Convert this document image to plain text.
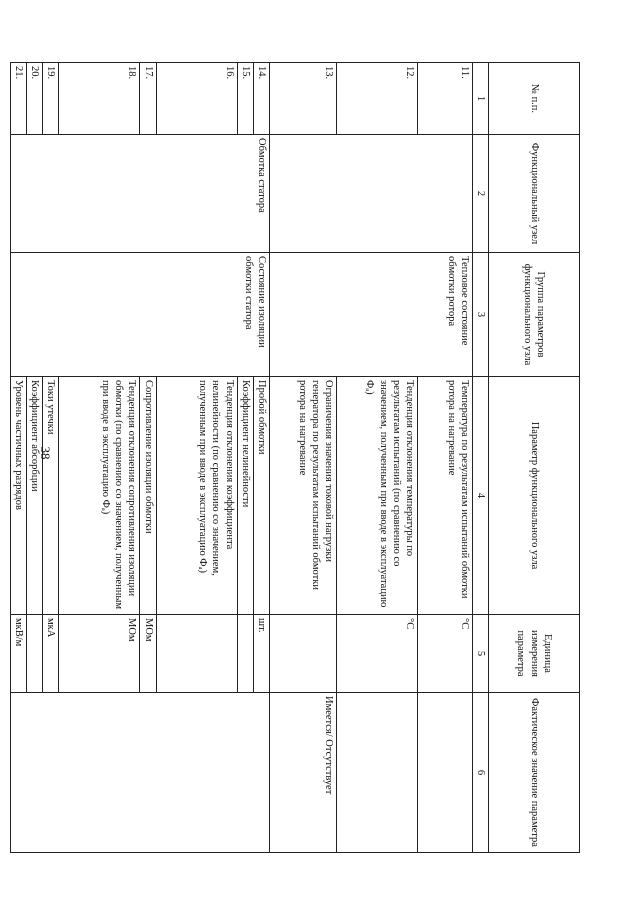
38
№ п.п.	Функциональный узел	Группа параметров функционального узла	Параметр функционального узла	Единица измерения параметра	Фактическое значение параметра
1	2	3	4	5	6
11.		Тепловое состояние обмотки ротора	Температура по результатам испытаний обмотки ротора на нагревание	°С	
12.			Тенденция отклонения температуры по результатам испытаний (по сравнению со значением, полученным при вводе в эксплуатацию Фₐ)	°С	
13.			Ограничения значения токовой нагрузки генератора по результатам испытаний обмотки ротора на нагревание		Имеется/ Отсутствует
14.	Обмотка статора	Состояние изоляции обмотки статора	Пробой обмотки	шт.	
15.			Коэффициент нелинейности		
16.			Тенденция отклонения коэффициента нелинейности (по сравнению со значением, полученным при вводе в эксплуатацию Фₐ)		
17.			Сопротивление изоляции обмотки	МОм	
18.			Тенденция отклонения сопротивления изоляции обмотки (по сравнению со значением, полученным при вводе в эксплуатацию Фₐ)	МОм	
19.			Токи утечки	мкА	
20.			Коэффициент абсорбции		
21.			Уровень частичных разрядов	мкВ/м	
